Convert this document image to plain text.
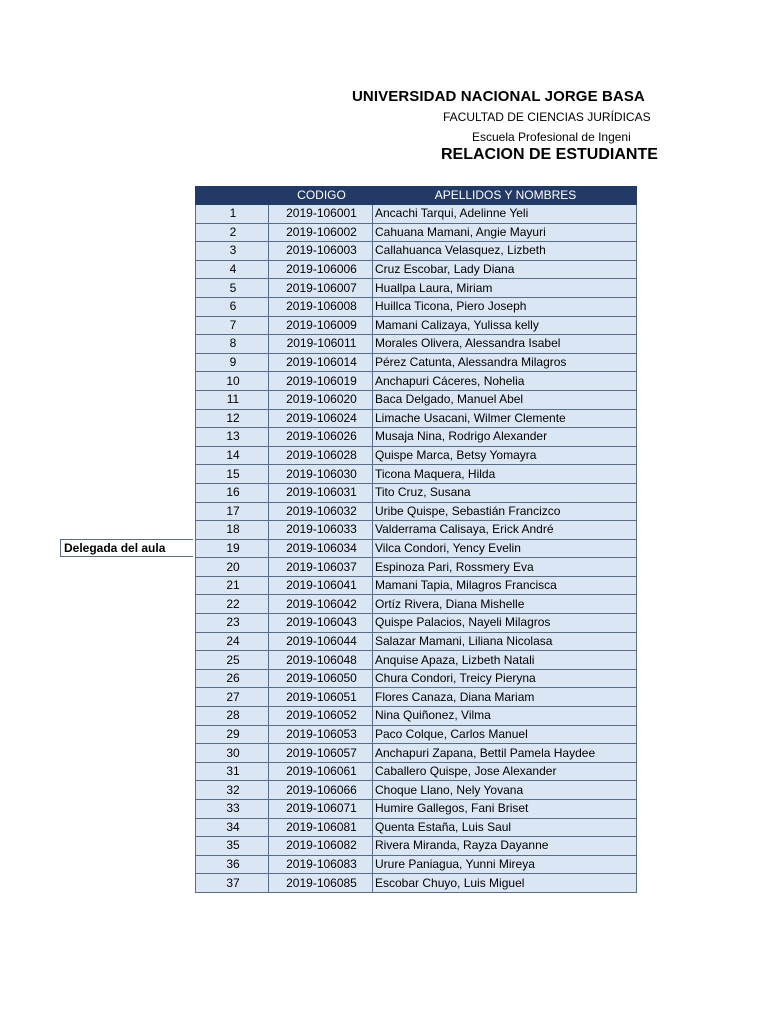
UNIVERSIDAD NACIONAL JORGE BASA
FACULTAD DE CIENCIAS JURÍDICAS
Escuela Profesional de Ingeni
RELACION DE ESTUDIANTE
	CODIGO	APELLIDOS Y NOMBRES
1	2019-106001	Ancachi Tarqui, Adelinne Yeli
2	2019-106002	Cahuana Mamani, Angie Mayuri
3	2019-106003	Callahuanca Velasquez, Lizbeth
4	2019-106006	Cruz Escobar, Lady Diana
5	2019-106007	Huallpa Laura, Miriam
6	2019-106008	Huillca Ticona, Piero Joseph
7	2019-106009	Mamani Calizaya, Yulissa kelly
8	2019-106011	Morales Olivera, Alessandra Isabel
9	2019-106014	Pérez Catunta, Alessandra Milagros
10	2019-106019	Anchapuri Cáceres, Nohelia
11	2019-106020	Baca Delgado, Manuel Abel
12	2019-106024	Limache Usacani, Wilmer Clemente
13	2019-106026	Musaja Nina, Rodrigo Alexander
14	2019-106028	Quispe Marca, Betsy Yomayra
15	2019-106030	Ticona Maquera, Hilda
16	2019-106031	Tito Cruz, Susana
17	2019-106032	Uribe Quispe, Sebastián Francizco
18	2019-106033	Valderrama Calisaya, Erick André
19	2019-106034	Vilca Condori, Yency Evelin
20	2019-106037	Espinoza Pari, Rossmery Eva
21	2019-106041	Mamani Tapia, Milagros Francisca
22	2019-106042	Ortíz Rivera, Diana Mishelle
23	2019-106043	Quispe Palacios, Nayeli Milagros
24	2019-106044	Salazar Mamani, Liliana Nicolasa
25	2019-106048	Anquise Apaza, Lizbeth Natali
26	2019-106050	Chura Condori, Treicy Pieryna
27	2019-106051	Flores Canaza, Diana Mariam
28	2019-106052	Nina Quiñonez, Vilma
29	2019-106053	Paco Colque, Carlos Manuel
30	2019-106057	Anchapuri Zapana, Bettil Pamela Haydee
31	2019-106061	Caballero Quispe, Jose Alexander
32	2019-106066	Choque Llano, Nely Yovana
33	2019-106071	Humire Gallegos, Fani Briset
34	2019-106081	Quenta Estaña, Luis Saul
35	2019-106082	Rivera Miranda, Rayza Dayanne
36	2019-106083	Urure Paniagua, Yunni Mireya
37	2019-106085	Escobar Chuyo, Luis Miguel
Delegada del aula
